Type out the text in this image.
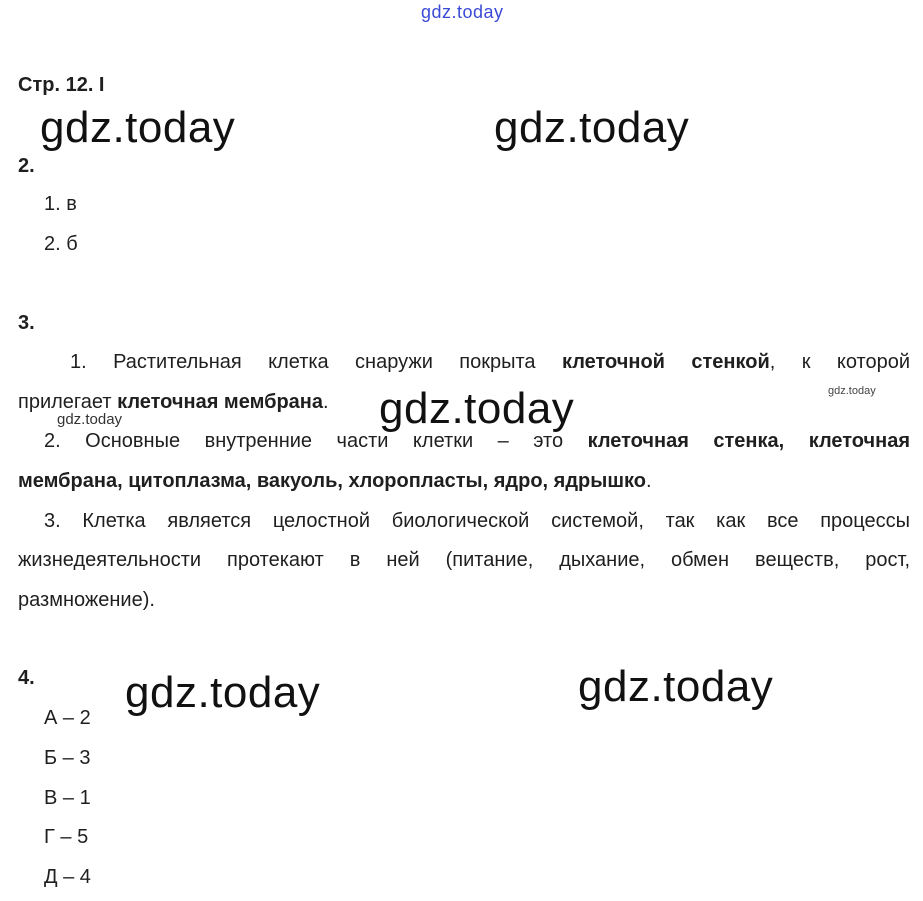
gdz.today
gdz.today	gdz.today
gdz.today
gdz.today	gdz.today
gdz.today
gdz.today
Стр. 12. I
2.
1. в
2. б
3.
1. Растительная клетка снаружи покрыта клеточной стенкой, к которой
прилегает клеточная мембрана.
2. Основные внутренние части клетки – это клеточная стенка, клеточная
мембрана, цитоплазма, вакуоль, хлоропласты, ядро, ядрышко.
3. Клетка является целостной биологической системой, так как все процессы
жизнедеятельности протекают в ней (питание, дыхание, обмен веществ, рост,
размножение).
4.
А – 2
Б – 3
В – 1
Г – 5
Д – 4
